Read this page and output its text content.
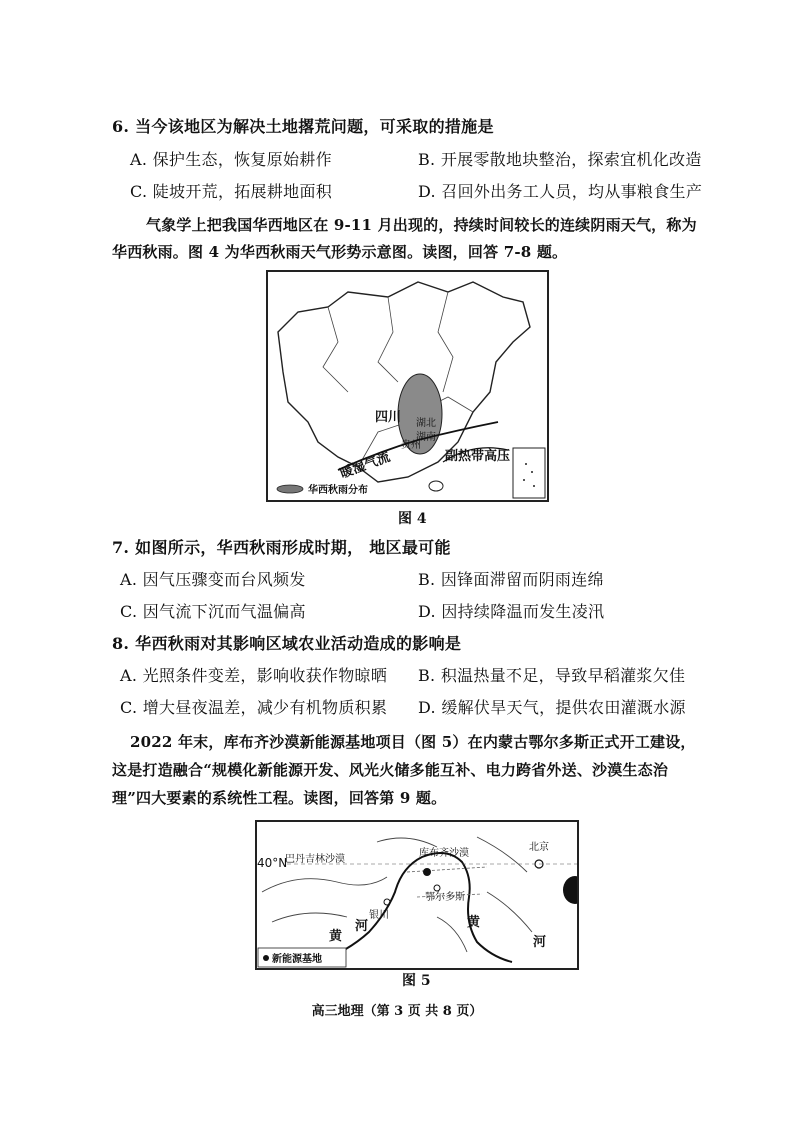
6. 当今该地区为解决土地撂荒问题，可采取的措施是
A. 保护生态，恢复原始耕作	B. 开展零散地块整治，探索宜机化改造
C. 陡坡开荒，拓展耕地面积	D. 召回外出务工人员，均从事粮食生产
气象学上把我国华西地区在 9-11 月出现的，持续时间较长的连续阴雨天气，称为
华西秋雨。图 4 为华西秋雨天气形势示意图。读图，回答 7-8 题。
四川 湖北
湖南
贵州
暖湿气流	副热带高压
华西秋雨分布
图 4
7. 如图所示，华西秋雨形成时期， 地区最可能
A. 因气压骤变而台风频发	B. 因锋面滞留而阴雨连绵
C. 因气流下沉而气温偏高	D. 因持续降温而发生凌汛
8. 华西秋雨对其影响区域农业活动造成的影响是
A. 光照条件变差，影响收获作物晾晒 B. 积温热量不足，导致早稻灌浆欠佳
C. 增大昼夜温差，减少有机物质积累 D. 缓解伏旱天气，提供农田灌溉水源
2022 年末，库布齐沙漠新能源基地项目（图 5）在内蒙古鄂尔多斯正式开工建设，
这是打造融合“规模化新能源开发、风光火储多能互补、电力跨省外送、沙漠生态治
理”四大要素的系统性工程。读图，回答第 9 题。
40°N
巴丹吉林沙漠
库布齐沙漠
北京
银川
鄂尔多斯
黄
河	黄
河
新能源基地
图 5
高三地理（第 3 页 共 8 页）
